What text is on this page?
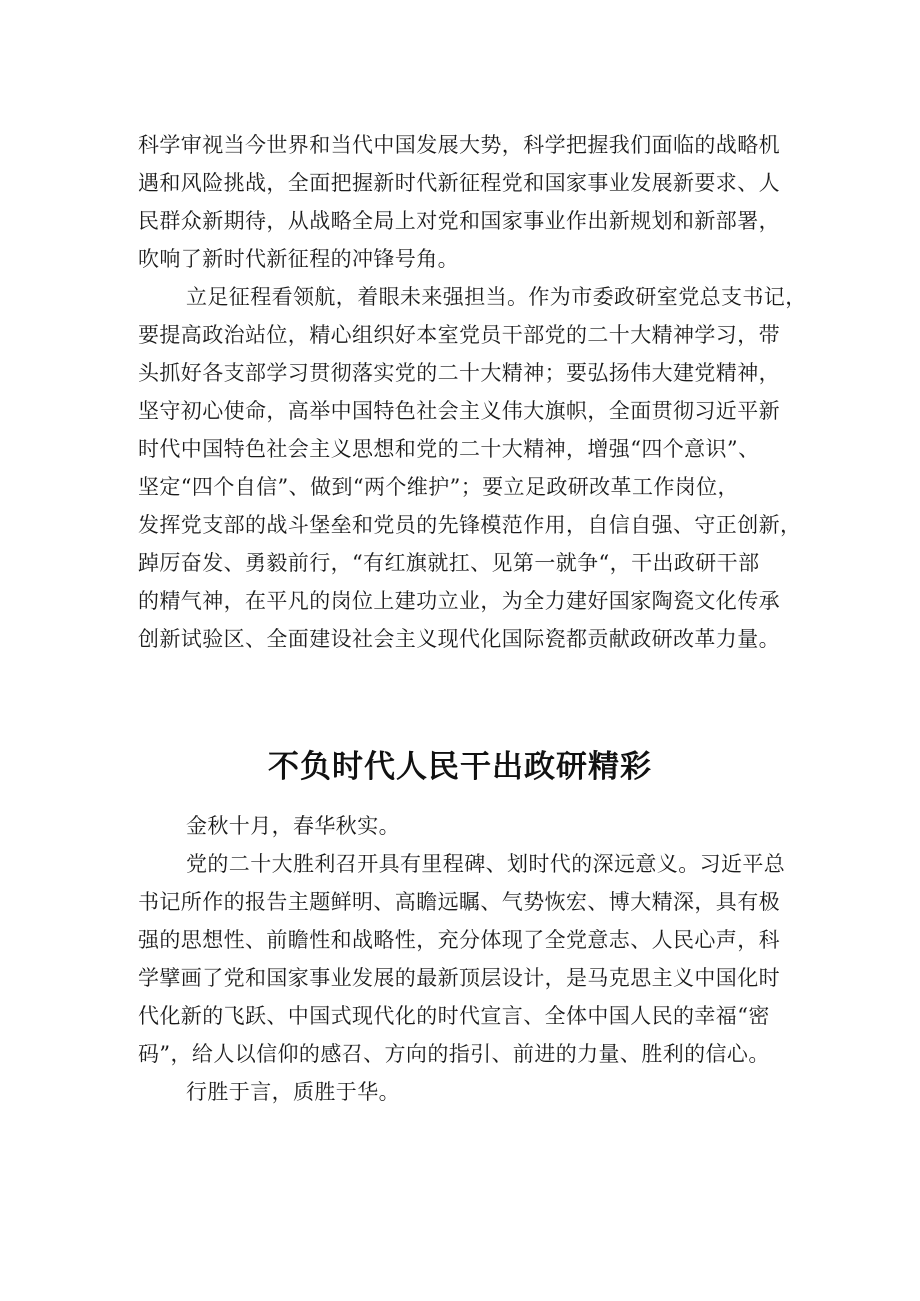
科学审视当今世界和当代中国发展大势，科学把握我们面临的战略机
遇和风险挑战，全面把握新时代新征程党和国家事业发展新要求、人
民群众新期待，从战略全局上对党和国家事业作出新规划和新部署，
吹响了新时代新征程的冲锋号角。
立足征程看领航，着眼未来强担当。作为市委政研室党总支书记，
要提高政治站位，精心组织好本室党员干部党的二十大精神学习，带
头抓好各支部学习贯彻落实党的二十大精神；要弘扬伟大建党精神，
坚守初心使命，高举中国特色社会主义伟大旗帜，全面贯彻习近平新
时代中国特色社会主义思想和党的二十大精神，增强“四个意识”、
坚定“四个自信”、做到“两个维护”；要立足政研改革工作岗位，
发挥党支部的战斗堡垒和党员的先锋模范作用，自信自强、守正创新，
踔厉奋发、勇毅前行，“有红旗就扛、见第一就争“，干出政研干部
的精气神，在平凡的岗位上建功立业，为全力建好国家陶瓷文化传承
创新试验区、全面建设社会主义现代化国际瓷都贡献政研改革力量。
不负时代人民干出政研精彩
金秋十月，春华秋实。
党的二十大胜利召开具有里程碑、划时代的深远意义。习近平总
书记所作的报告主题鲜明、高瞻远瞩、气势恢宏、博大精深，具有极
强的思想性、前瞻性和战略性，充分体现了全党意志、人民心声，科
学擘画了党和国家事业发展的最新顶层设计，是马克思主义中国化时
代化新的飞跃、中国式现代化的时代宣言、全体中国人民的幸福“密
码”，给人以信仰的感召、方向的指引、前进的力量、胜利的信心。
行胜于言，质胜于华。
